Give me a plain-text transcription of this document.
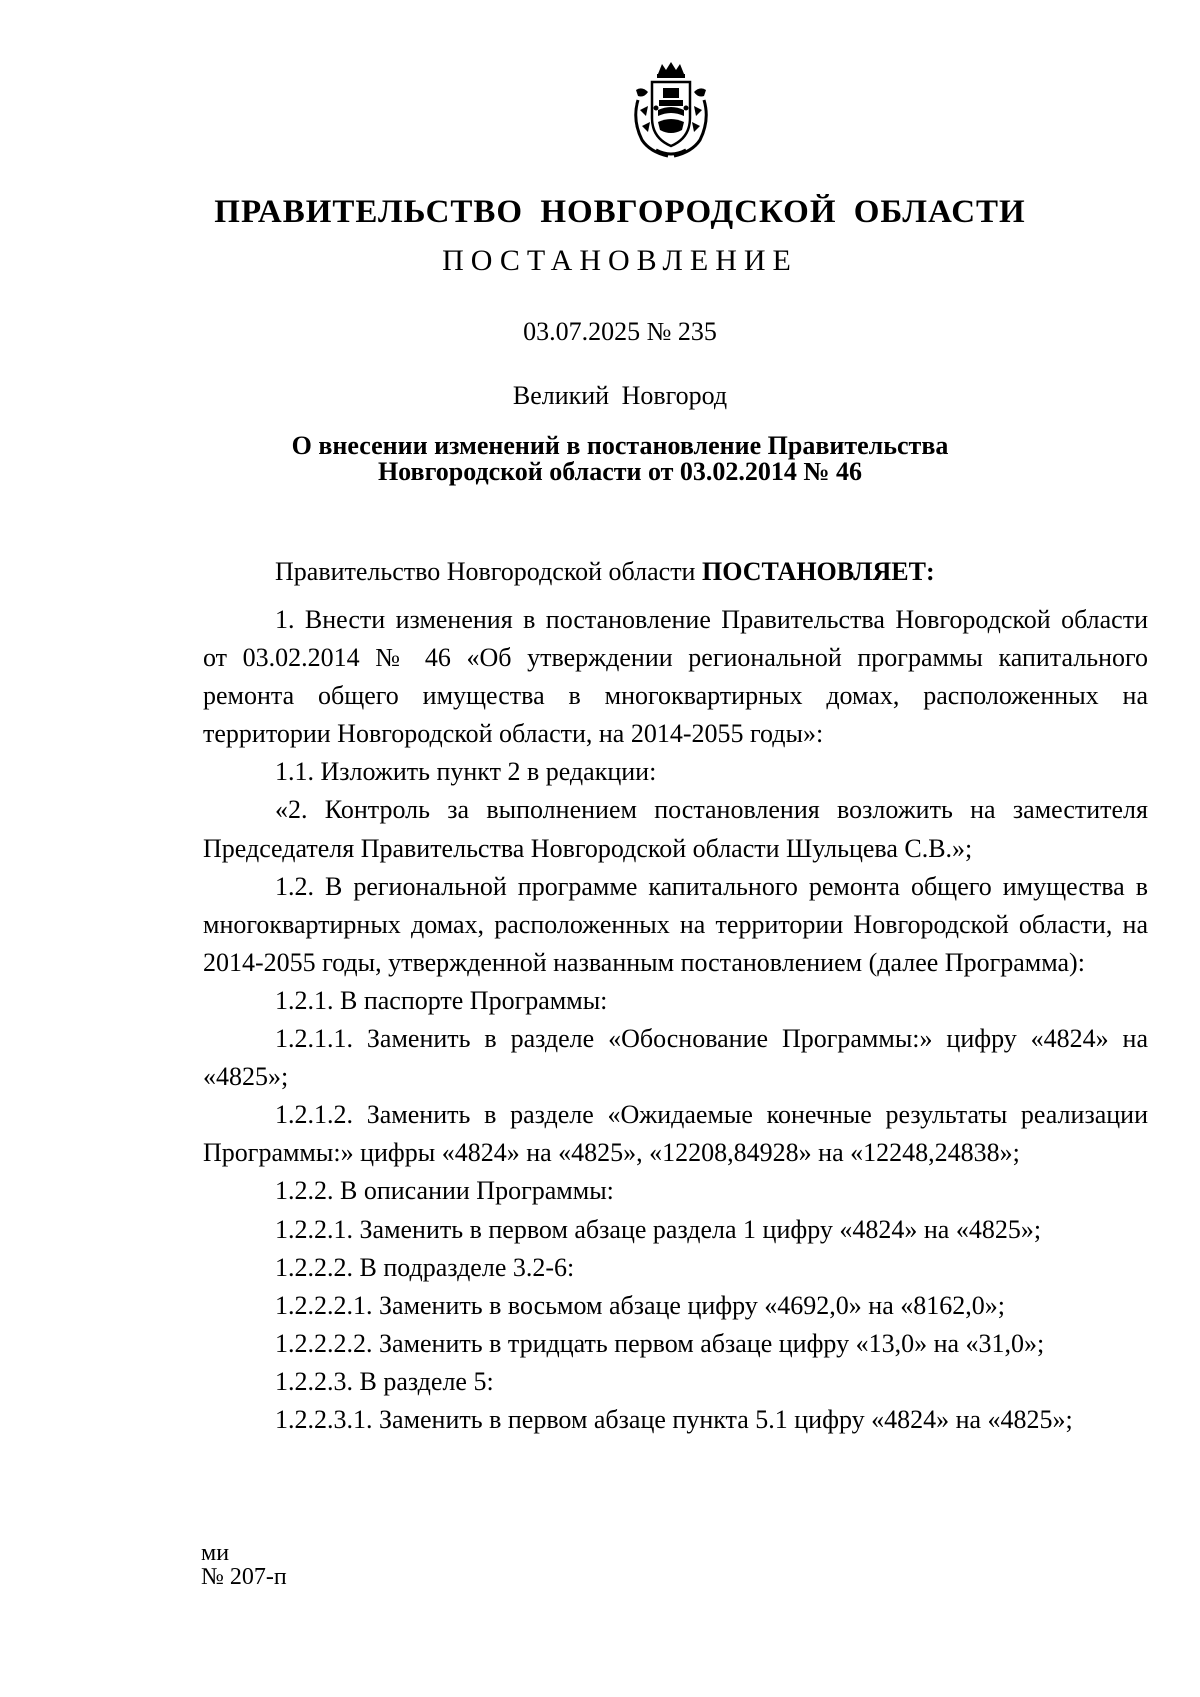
ПРАВИТЕЛЬСТВО НОВГОРОДСКОЙ ОБЛАСТИ
ПОСТАНОВЛЕНИЕ
03.07.2025 № 235
Великий Новгород
О внесении изменений в постановление Правительства
Новгородской области от 03.02.2014 № 46
Правительство Новгородской области ПОСТАНОВЛЯЕТ:

1. Внести изменения в постановление Правительства Новгородской области от 03.02.2014 № 46 «Об утверждении региональной программы капитального ремонта общего имущества в многоквартирных домах, расположенных на территории Новгородской области, на 2014-2055 годы»:

1.1. Изложить пункт 2 в редакции:

«2. Контроль за выполнением постановления возложить на заместителя Председателя Правительства Новгородской области Шульцева С.В.»;

1.2. В региональной программе капитального ремонта общего имущества в многоквартирных домах, расположенных на территории Новгородской области, на 2014-2055 годы, утвержденной названным постановлением (далее Программа):

1.2.1. В паспорте Программы:

1.2.1.1. Заменить в разделе «Обоснование Программы:» цифру «4824» на «4825»;

1.2.1.2. Заменить в разделе «Ожидаемые конечные результаты реализации Программы:» цифры «4824» на «4825», «12208,84928» на «12248,24838»;

1.2.2. В описании Программы:

1.2.2.1. Заменить в первом абзаце раздела 1 цифру «4824» на «4825»;

1.2.2.2. В подразделе 3.2-6:

1.2.2.2.1. Заменить в восьмом абзаце цифру «4692,0» на «8162,0»;

1.2.2.2.2. Заменить в тридцать первом абзаце цифру «13,0» на «31,0»;

1.2.2.3. В разделе 5:

1.2.2.3.1. Заменить в первом абзаце пункта 5.1 цифру «4824» на «4825»;

ми
№ 207-п
